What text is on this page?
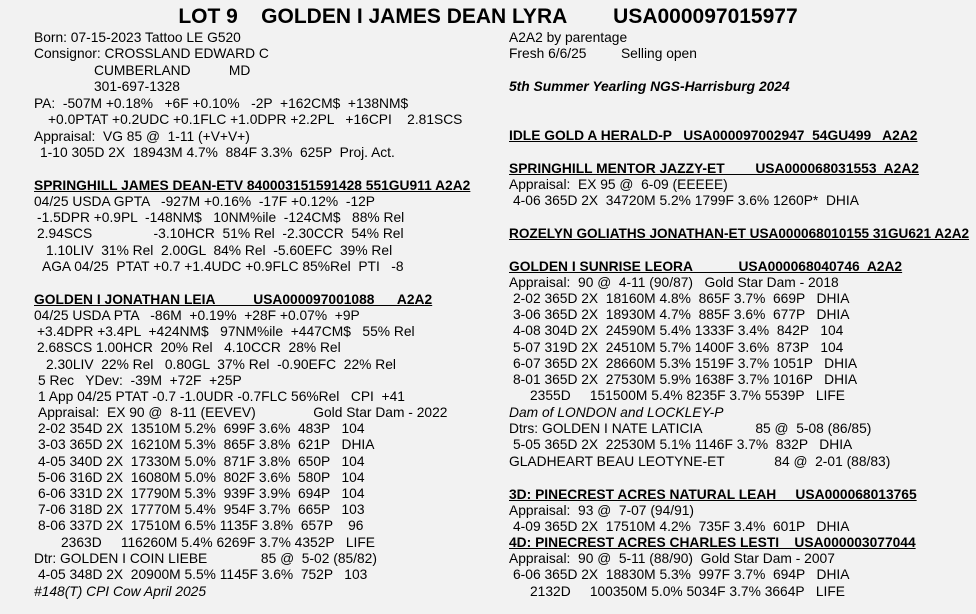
LOT 9    GOLDEN I JAMES DEAN LYRA        USA000097015977
Born: 07-15-2023 Tattoo LE G520
Consignor: CROSSLAND EDWARD C
CUMBERLAND          MD
301-697-1328
PA:  -507M +0.18%   +6F +0.10%   -2P  +162CM$  +138NM$
+0.0PTAT +0.2UDC +0.1FLC +1.0DPR +2.2PL   +16CPI    2.81SCS
Appraisal:  VG 85 @  1-11 (+V+V+)
1-10 305D 2X  18943M 4.7%  884F 3.3%  625P  Proj. Act.
SPRINGHILL JAMES DEAN-ETV 840003151591428 551GU911 A2A2
04/25 USDA GPTA   -927M +0.16%  -17F +0.12%  -12P
-1.5DPR +0.9PL  -148NM$   10NM%ile  -124CM$   88% Rel
2.94SCS                -3.10HCR  51% Rel  -2.30CCR  54% Rel
1.10LIV  31% Rel  2.00GL  84% Rel  -5.60EFC  39% Rel
AGA 04/25  PTAT +0.7 +1.4UDC +0.9FLC 85%Rel  PTI   -8
GOLDEN I JONATHAN LEIA          USA000097001088      A2A2
04/25 USDA PTA   -86M  +0.19%  +28F +0.07%  +9P
+3.4DPR +3.4PL  +424NM$   97NM%ile  +447CM$   55% Rel
2.68SCS 1.00HCR  20% Rel   4.10CCR  28% Rel
2.30LIV  22% Rel   0.80GL  37% Rel  -0.90EFC  22% Rel
5 Rec   YDev:  -39M  +72F  +25P
1 App 04/25 PTAT -0.7 -1.0UDR -0.7FLC 56%Rel   CPI  +41
Appraisal:  EX 90 @  8-11 (EEVEV)               Gold Star Dam - 2022
2-02 354D 2X  13510M 5.2%  699F 3.6%  483P   104
3-03 365D 2X  16210M 5.3%  865F 3.8%  621P   DHIA
4-05 340D 2X  17330M 5.0%  871F 3.8%  650P   104
5-06 316D 2X  16080M 5.0%  802F 3.6%  580P   104
6-06 331D 2X  17790M 5.3%  939F 3.9%  694P   104
7-06 318D 2X  17770M 5.4%  954F 3.7%  665P   103
8-06 337D 2X  17510M 6.5% 1135F 3.8%  657P    96
2363D     116260M 5.4% 6269F 3.7% 4352P   LIFE
Dtr: GOLDEN I COIN LIEBE              85 @  5-02 (85/82)
4-05 348D 2X  20900M 5.5% 1145F 3.6%  752P   103
#148(T) CPI Cow April 2025
A2A2 by parentage
Fresh 6/6/25         Selling open
5th Summer Yearling NGS-Harrisburg 2024
IDLE GOLD A HERALD-P   USA000097002947  54GU499   A2A2
SPRINGHILL MENTOR JAZZY-ET        USA000068031553  A2A2
Appraisal:  EX 95 @  6-09 (EEEEE)
4-06 365D 2X  34720M 5.2% 1799F 3.6% 1260P*  DHIA
ROZELYN GOLIATHS JONATHAN-ET USA000068010155 31GU621 A2A2
GOLDEN I SUNRISE LEORA            USA000068040746  A2A2
Appraisal:  90 @  4-11 (90/87)   Gold Star Dam - 2018
2-02 365D 2X  18160M 4.8%  865F 3.7%  669P   DHIA
3-06 365D 2X  18930M 4.7%  885F 3.6%  677P   DHIA
4-08 304D 2X  24590M 5.4% 1333F 3.4%  842P   104
5-07 319D 2X  24510M 5.7% 1400F 3.6%  873P   104
6-07 365D 2X  28660M 5.3% 1519F 3.7% 1051P   DHIA
8-01 365D 2X  27530M 5.9% 1638F 3.7% 1016P   DHIA
2355D     151500M 5.4% 8235F 3.7% 5539P   LIFE
Dam of LONDON and LOCKLEY-P
Dtrs: GOLDEN I NATE LATICIA              85 @  5-08 (86/85)
5-05 365D 2X  22530M 5.1% 1146F 3.7%  832P   DHIA
GLADHEART BEAU LEOTYNE-ET             84 @  2-01 (88/83)
3D: PINECREST ACRES NATURAL LEAH     USA000068013765
Appraisal:  93 @  7-07 (94/91)
4-09 365D 2X  17510M 4.2%  735F 3.4%  601P   DHIA
4D: PINECREST ACRES CHARLES LESTI    USA000003077044
Appraisal:  90 @  5-11 (88/90)  Gold Star Dam - 2007
6-06 365D 2X  18830M 5.3%  997F 3.7%  694P   DHIA
2132D     100350M 5.0% 5034F 3.7% 3664P   LIFE
